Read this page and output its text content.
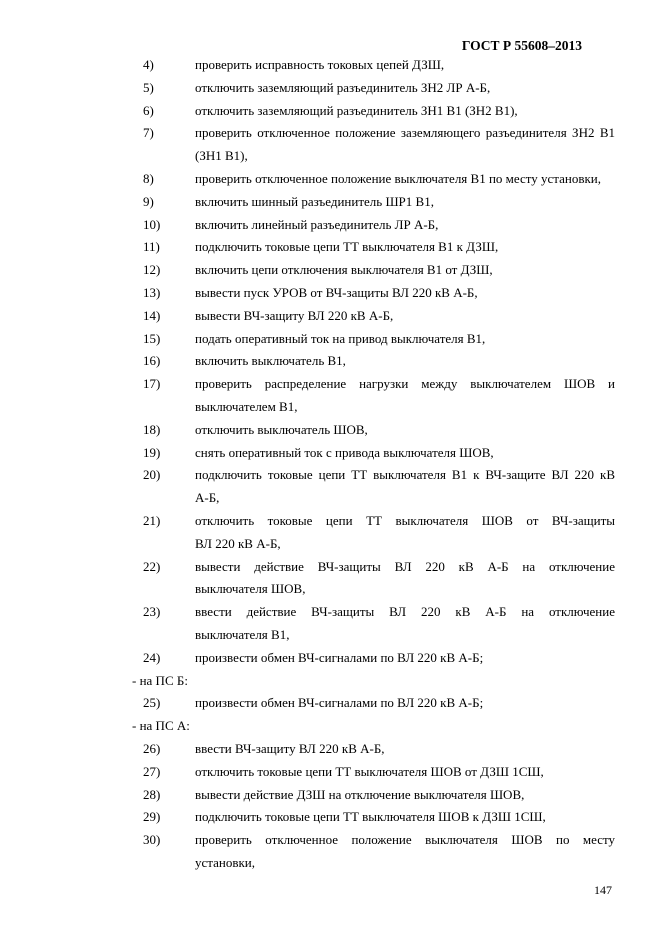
ГОСТ Р 55608–2013
4)	проверить исправность токовых цепей ДЗШ,
5)	отключить заземляющий разъединитель ЗН2 ЛР А-Б,
6)	отключить заземляющий разъединитель ЗН1 В1 (ЗН2 В1),
7)	проверить отключенное положение заземляющего разъединителя ЗН2 В1
(ЗН1 В1),
8)	проверить отключенное положение выключателя В1 по месту установки,
9)	включить шинный разъединитель ШР1 В1,
10)	включить линейный разъединитель ЛР А-Б,
11)	подключить токовые цепи ТТ выключателя В1 к ДЗШ,
12)	включить цепи отключения выключателя В1 от ДЗШ,
13)	вывести пуск УРОВ от ВЧ-защиты ВЛ 220 кВ А-Б,
14)	вывести ВЧ-защиту ВЛ 220 кВ А-Б,
15)	подать оперативный ток на привод выключателя В1,
16)	включить выключатель В1,
17)	проверить распределение нагрузки между выключателем ШОВ и
выключателем В1,
18)	отключить выключатель ШОВ,
19)	снять оперативный ток с привода выключателя ШОВ,
20)	подключить токовые цепи ТТ выключателя В1 к ВЧ-защите ВЛ 220 кВ
А-Б,
21)	отключить токовые цепи ТТ выключателя ШОВ от ВЧ-защиты
ВЛ 220 кВ А-Б,
22)	вывести действие ВЧ-защиты ВЛ 220 кВ А-Б на отключение
выключателя ШОВ,
23)	ввести действие ВЧ-защиты ВЛ 220 кВ А-Б на отключение
выключателя В1,
24)	произвести обмен ВЧ-сигналами по ВЛ 220 кВ А-Б;
- на ПС Б:
25)	произвести обмен ВЧ-сигналами по ВЛ 220 кВ А-Б;
- на ПС А:
26)	ввести ВЧ-защиту ВЛ 220 кВ А-Б,
27)	отключить токовые цепи ТТ выключателя ШОВ от ДЗШ 1СШ,
28)	вывести действие ДЗШ на отключение выключателя ШОВ,
29)	подключить токовые цепи ТТ выключателя ШОВ к ДЗШ 1СШ,
30)	проверить отключенное положение выключателя ШОВ по месту
установки,
147
